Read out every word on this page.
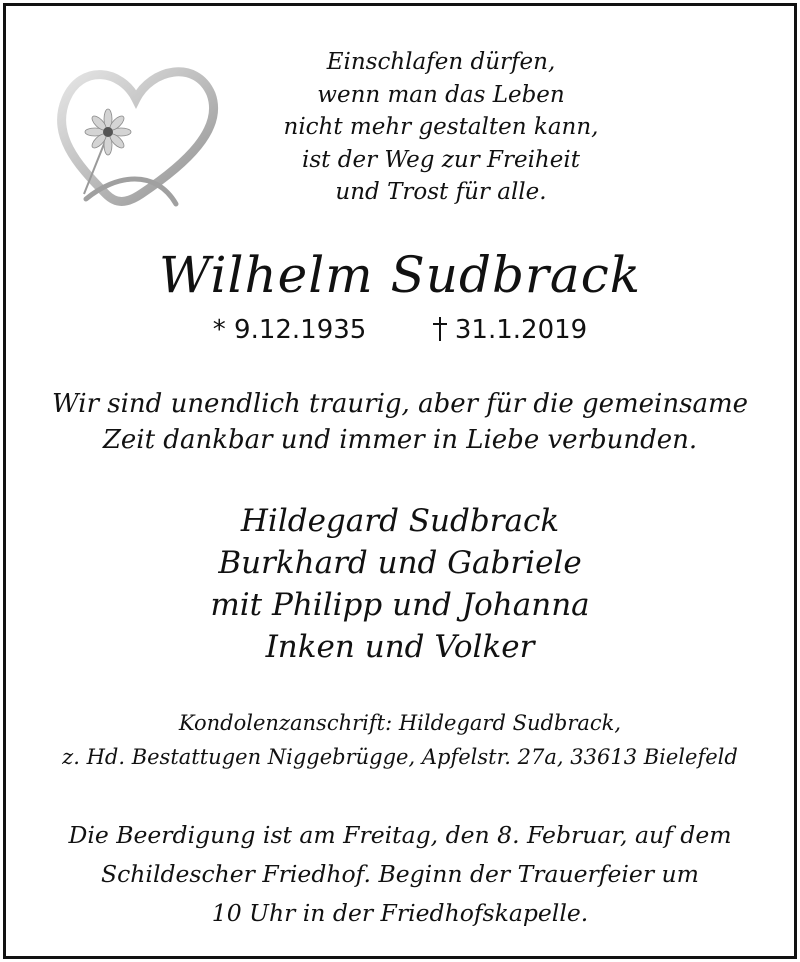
Einschlafen dürfen,
wenn man das Leben
nicht mehr gestalten kann,
ist der Weg zur Freiheit
und Trost für alle.
Wilhelm Sudbrack
* 9.12.1935	31.1.2019
Wir sind unendlich traurig, aber für die gemeinsame
Zeit dankbar und immer in Liebe verbunden.
Hildegard Sudbrack
Burkhard und Gabriele
mit Philipp und Johanna
Inken und Volker
Kondolenzanschrift: Hildegard Sudbrack,
z. Hd. Bestattugen Niggebrügge, Apfelstr. 27a, 33613 Bielefeld
Die Beerdigung ist am Freitag, den 8. Februar, auf dem
Schildescher Friedhof. Beginn der Trauerfeier um
10 Uhr in der Friedhofskapelle.
